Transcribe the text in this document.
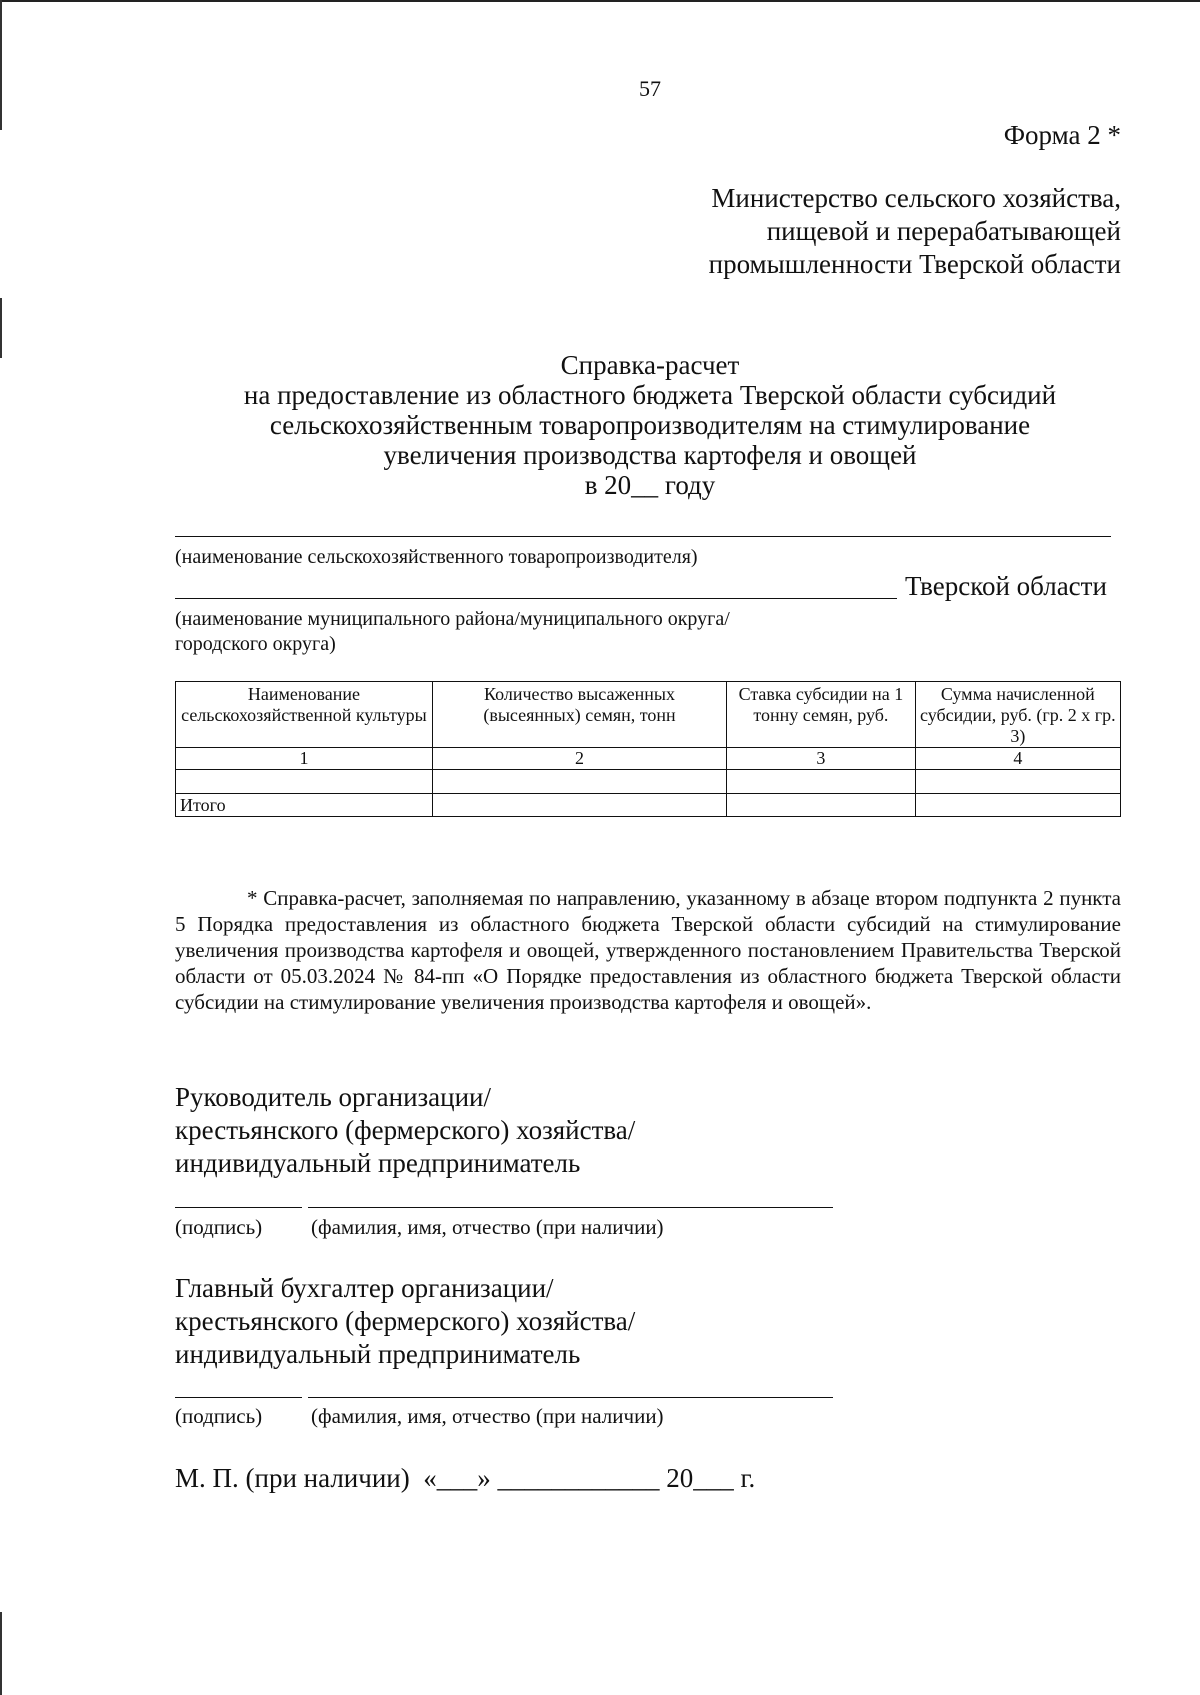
57
Форма 2 *
Министерство сельского хозяйства,
пищевой и перерабатывающей
промышленности Тверской области
Справка-расчет
на предоставление из областного бюджета Тверской области субсидий
сельскохозяйственным товаропроизводителям на стимулирование
увеличения производства картофеля и овощей
в 20__ году
(наименование сельскохозяйственного товаропроизводителя)
Тверской области
(наименование муниципального района/муниципального округа/
городского округа)
Наименование сельскохозяйственной культуры	Количество высаженных (высеянных) семян, тонн	Ставка субсидии на 1 тонну семян, руб.	Сумма начисленной субсидии, руб. (гр. 2 х гр. 3)
1	2	3	4

Итого			

* Справка-расчет, заполняемая по направлению, указанному в абзаце втором подпункта 2 пункта 5 Порядка предоставления из областного бюджета Тверской области субсидий на стимулирование увеличения производства картофеля и овощей, утвержденного постановлением Правительства Тверской области от 05.03.2024 № 84-пп «О Порядке предоставления из областного бюджета Тверской области субсидии на стимулирование увеличения производства картофеля и овощей».

Руководитель организации/
крестьянского (фермерского) хозяйства/
индивидуальный предприниматель
(подпись) (фамилия, имя, отчество (при наличии)
Главный бухгалтер организации/
крестьянского (фермерского) хозяйства/
индивидуальный предприниматель
(подпись) (фамилия, имя, отчество (при наличии)
М. П. (при наличии)  «___» ____________ 20___ г.
